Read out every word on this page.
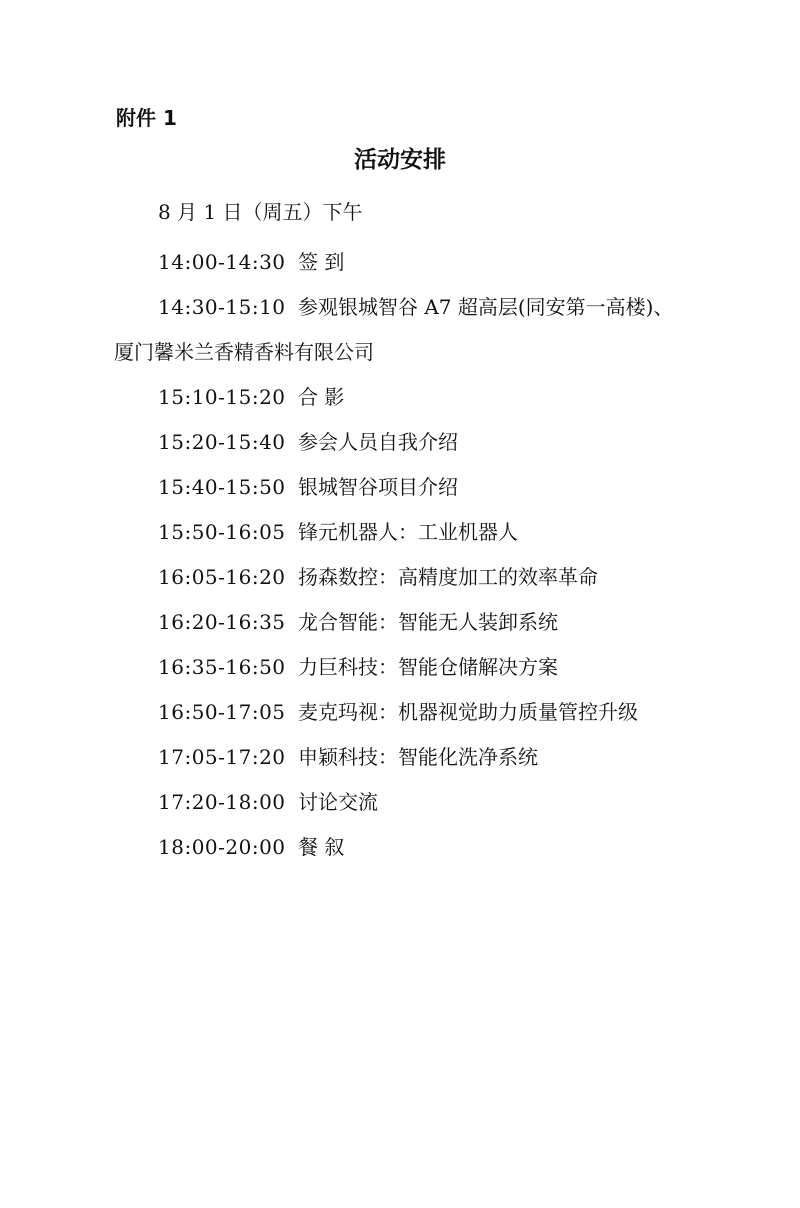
附件 1
活动安排
8 月 1 日（周五）下午
14:00-14:30 签 到
14:30-15:10 参观银城智谷 A7 超高层(同安第一高楼)、
厦门馨米兰香精香料有限公司
15:10-15:20 合 影
15:20-15:40 参会人员自我介绍
15:40-15:50 银城智谷项目介绍
15:50-16:05 锋元机器人：工业机器人
16:05-16:20 扬森数控：高精度加工的效率革命
16:20-16:35 龙合智能：智能无人装卸系统
16:35-16:50 力巨科技：智能仓储解决方案
16:50-17:05 麦克玛视：机器视觉助力质量管控升级
17:05-17:20 申颖科技：智能化洗净系统
17:20-18:00 讨论交流
18:00-20:00 餐 叙
